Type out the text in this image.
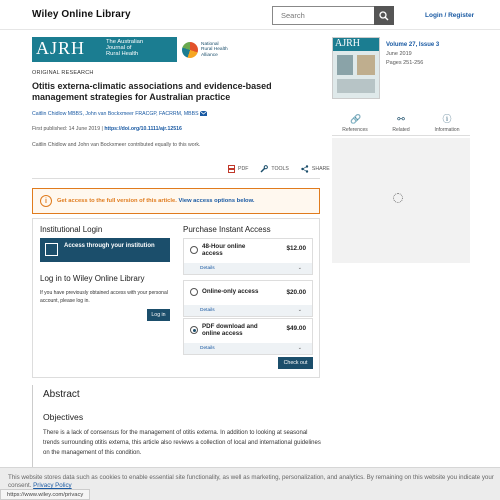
Wiley Online Library	Search	Login / Register
AJRH	The Australian
Journal of
Rural Health
National
Rural Health
Alliance
ORIGINAL RESEARCH
Otitis externa-climatic associations and evidence-based management strategies for Australian practice
Caitlin Chidlow MBBS, John van Bockxmeer FRACGP, FACRRM, MBBS
First published: 14 June 2019 | https://doi.org/10.1111/ajr.12516
Caitlin Chidlow and John van Bockxmeer contributed equally to this work.
PDF	TOOLS	SHARE
i	Get access to the full version of this article. View access options below.
Institutional Login
Access through your institution
Log in to Wiley Online Library
If you have previously obtained access with your personal account, please log in.
Log in
Purchase Instant Access
48-Hour online access
$12.00
Details	⌄
Online-only access	$20.00
Details	⌄
PDF download and online access
$49.00
Details	⌄
Check out
Abstract
Objectives
There is a lack of consensus for the management of otitis externa. In addition to looking at seasonal trends surrounding otitis externa, this article also reviews a collection of local and international guidelines on the management of this condition.
AJRH	Volume 27, Issue 3
June 2019
Pages 251-256
🔗
References
⚯
Related
ⓘ
Information
This website stores data such as cookies to enable essential site functionality, as well as marketing, personalization, and analytics. By remaining on this website you indicate your consent. Privacy Policy
https://www.wiley.com/privacy
